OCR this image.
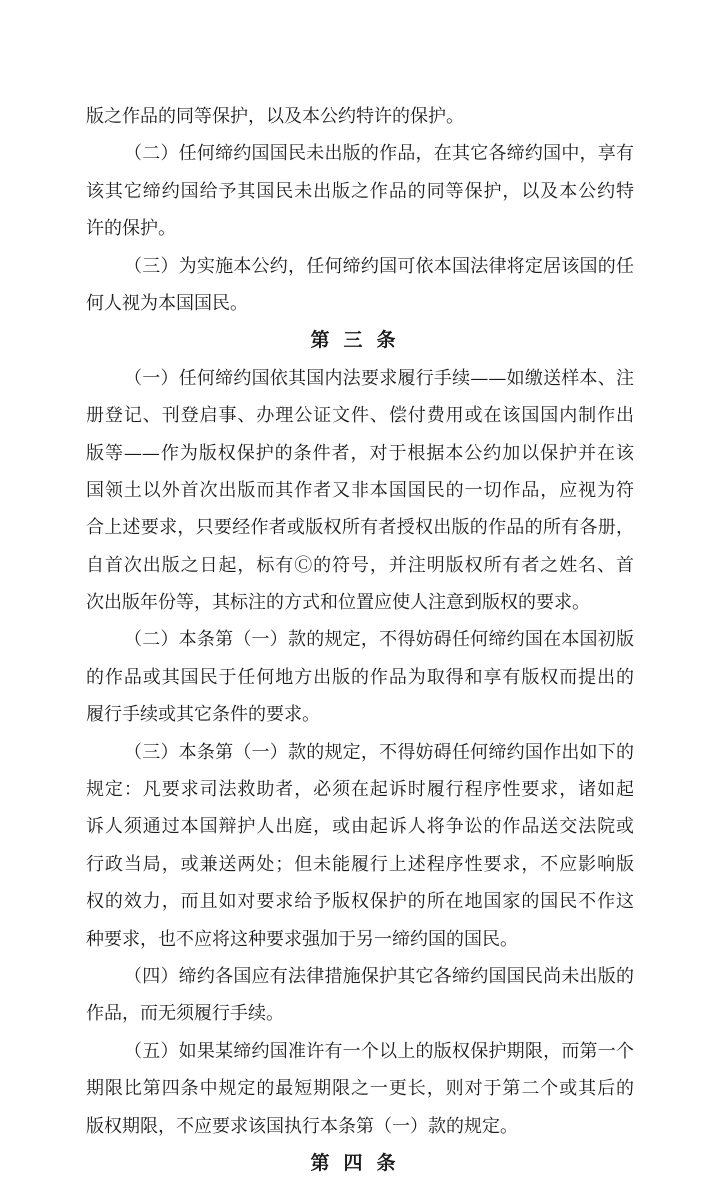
版之作品的同等保护，以及本公约特许的保护。
（二）任何缔约国国民未出版的作品，在其它各缔约国中，享有
该其它缔约国给予其国民未出版之作品的同等保护，以及本公约特
许的保护。
（三）为实施本公约，任何缔约国可依本国法律将定居该国的任
何人视为本国国民。
第三条
（一）任何缔约国依其国内法要求履行手续——如缴送样本、注
册登记、刊登启事、办理公证文件、偿付费用或在该国国内制作出
版等——作为版权保护的条件者，对于根据本公约加以保护并在该
国领土以外首次出版而其作者又非本国国民的一切作品，应视为符
合上述要求，只要经作者或版权所有者授权出版的作品的所有各册，
自首次出版之日起，标有Ⓒ的符号，并注明版权所有者之姓名、首
次出版年份等，其标注的方式和位置应使人注意到版权的要求。
（二）本条第（一）款的规定，不得妨碍任何缔约国在本国初版
的作品或其国民于任何地方出版的作品为取得和享有版权而提出的
履行手续或其它条件的要求。
（三）本条第（一）款的规定，不得妨碍任何缔约国作出如下的
规定：凡要求司法救助者，必须在起诉时履行程序性要求，诸如起
诉人须通过本国辩护人出庭，或由起诉人将争讼的作品送交法院或
行政当局，或兼送两处；但未能履行上述程序性要求，不应影响版
权的效力，而且如对要求给予版权保护的所在地国家的国民不作这
种要求，也不应将这种要求强加于另一缔约国的国民。
（四）缔约各国应有法律措施保护其它各缔约国国民尚未出版的
作品，而无须履行手续。
（五）如果某缔约国准许有一个以上的版权保护期限，而第一个
期限比第四条中规定的最短期限之一更长，则对于第二个或其后的
版权期限，不应要求该国执行本条第（一）款的规定。
第四条
